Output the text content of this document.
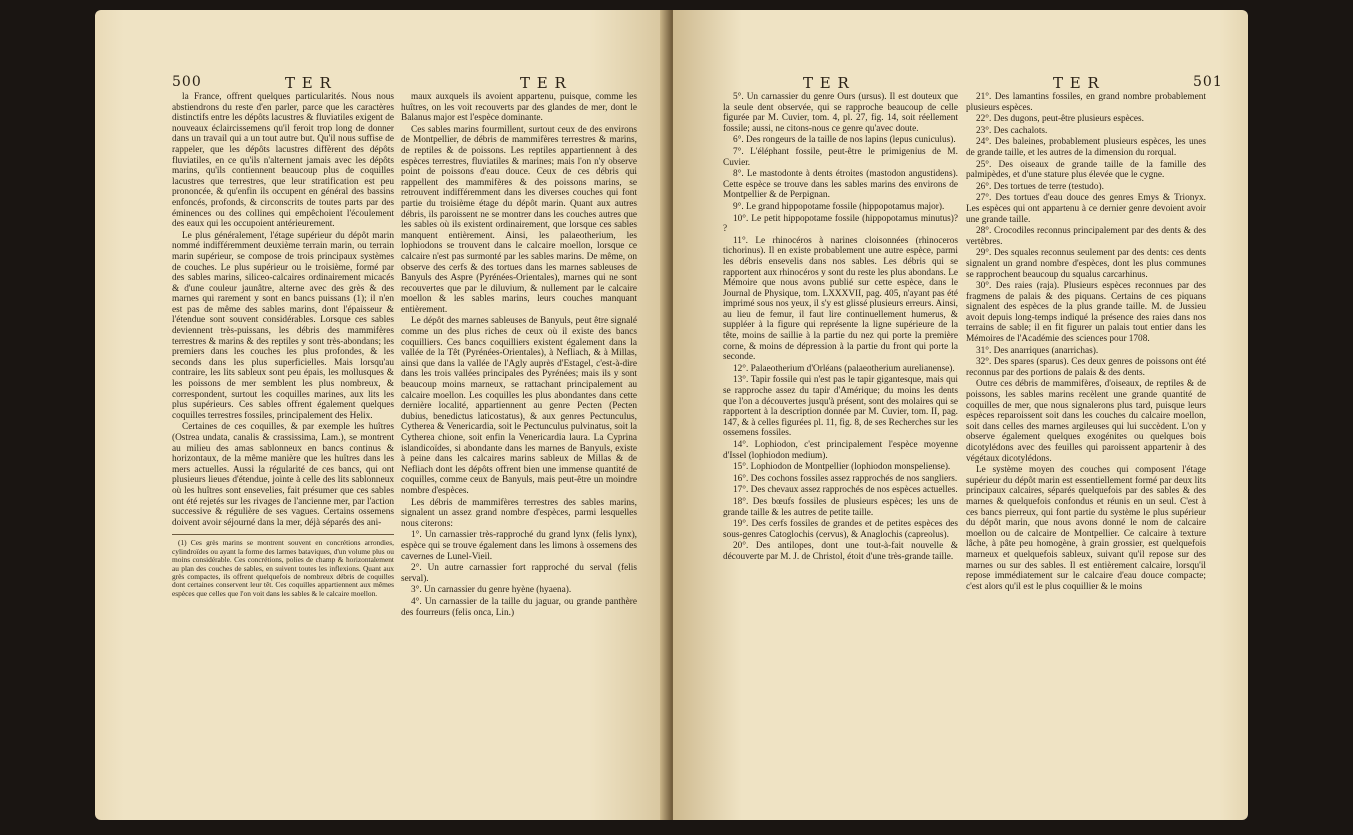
500	T E R	T E R

la France, offrent quelques particularités. Nous nous abstiendrons du reste d'en parler, parce que les caractères distinctifs entre les dépôts lacustres & fluviatiles exigent de nouveaux éclaircissemens qu'il feroit trop long de donner dans un travail qui a un tout autre but. Qu'il nous suffise de rappeler, que les dépôts lacustres diffèrent des dépôts fluviatiles, en ce qu'ils n'alternent jamais avec les dépôts marins, qu'ils contiennent beaucoup plus de coquilles lacustres que terrestres, que leur stratification est peu prononcée, & qu'enfin ils occupent en général des bassins enfoncés, profonds, & circonscrits de toutes parts par des éminences ou des collines qui empêchoient l'écoulement des eaux qui les occupoient antérieurement.

Le plus généralement, l'étage supérieur du dépôt marin nommé indifféremment deuxième terrain marin, ou terrain marin supérieur, se compose de trois principaux systèmes de couches. Le plus supérieur ou le troisième, formé par des sables marins, siliceo-calcaires ordinairement micacés & d'une couleur jaunâtre, alterne avec des grès & des marnes qui rarement y sont en bancs puissans (1); il n'en est pas de même des sables marins, dont l'épaisseur & l'étendue sont souvent considérables. Lorsque ces sables deviennent très-puissans, les débris des mammifères terrestres & marins & des reptiles y sont très-abondans; les premiers dans les couches les plus profondes, & les seconds dans les plus superficielles. Mais lorsqu'au contraire, les lits sableux sont peu épais, les mollusques & les poissons de mer semblent les plus nombreux, & correspondent, surtout les coquilles marines, aux lits les plus supérieurs. Ces sables offrent également quelques coquilles terrestres fossiles, principalement des Helix.

Certaines de ces coquilles, & par exemple les huîtres (Ostrea undata, canalis & crassissima, Lam.), se montrent au milieu des amas sablonneux en bancs continus & horizontaux, de la même manière que les huîtres dans les mers actuelles. Aussi la régularité de ces bancs, qui ont plusieurs lieues d'étendue, jointe à celle des lits sablonneux où les huîtres sont ensevelies, fait présumer que ces sables ont été rejetés sur les rivages de l'ancienne mer, par l'action successive & régulière de ses vagues. Certains ossemens doivent avoir séjourné dans la mer, déjà séparés des ani-

(1) Ces grès marins se montrent souvent en concrétions arrondies, cylindroïdes ou ayant la forme des larmes bataviques, d'un volume plus ou moins considérable. Ces concrétions, polies de champ & horizontalement au plan des couches de sables, en suivent toutes les inflexions. Quant aux grès compactes, ils offrent quelquefois de nombreux débris de coquilles dont certaines conservent leur têt. Ces coquilles appartiennent aux mêmes espèces que celles que l'on voit dans les sables & le calcaire moellon.

maux auxquels ils avoient appartenu, puisque, comme les huîtres, on les voit recouverts par des glandes de mer, dont le Balanus major est l'espèce dominante.

Ces sables marins fourmillent, surtout ceux de des environs de Montpellier, de débris de mammifères terrestres & marins, de reptiles & de poissons. Les reptiles appartiennent à des espèces terrestres, fluviatiles & marines; mais l'on n'y observe point de poissons d'eau douce. Ceux de ces débris qui rappellent des mammifères & des poissons marins, se retrouvent indifféremment dans les diverses couches qui font partie du troisième étage du dépôt marin. Quant aux autres débris, ils paroissent ne se montrer dans les couches autres que les sables où ils existent ordinairement, que lorsque ces sables manquent entièrement. Ainsi, les palaeotherium, les lophiodons se trouvent dans le calcaire moellon, lorsque ce calcaire n'est pas surmonté par les sables marins. De même, on observe des cerfs & des tortues dans les marnes sableuses de Banyuls des Aspre (Pyrénées-Orientales), marnes qui ne sont recouvertes que par le diluvium, & nullement par le calcaire moellon & les sables marins, leurs couches manquant entièrement.

Le dépôt des marnes sableuses de Banyuls, peut être signalé comme un des plus riches de ceux où il existe des bancs coquilliers. Ces bancs coquilliers existent également dans la vallée de la Têt (Pyrénées-Orientales), à Nefliach, & à Millas, ainsi que dans la vallée de l'Agly auprès d'Estagel, c'est-à-dire dans les trois vallées principales des Pyrénées; mais ils y sont beaucoup moins marneux, se rattachant principalement au calcaire moellon. Les coquilles les plus abondantes dans cette dernière localité, appartiennent au genre Pecten (Pecten dubius, benedictus laticostatus), & aux genres Pectunculus, Cytherea & Venericardia, soit le Pectunculus pulvinatus, soit la Cytherea chione, soit enfin la Venericardia laura. La Cyprina islandicoïdes, si abondante dans les marnes de Banyuls, existe à peine dans les calcaires marins sableux de Millas & de Nefliach dont les dépôts offrent bien une immense quantité de coquilles, comme ceux de Banyuls, mais peut-être un moindre nombre d'espèces.

Les débris de mammifères terrestres des sables marins, signalent un assez grand nombre d'espèces, parmi lesquelles nous citerons:

1°. Un carnassier très-rapproché du grand lynx (felis lynx), espèce qui se trouve également dans les limons à ossemens des cavernes de Lunel-Vieil.

2°. Un autre carnassier fort rapproché du serval (felis serval).

3°. Un carnassier du genre hyène (hyaena).

4°. Un carnassier de la taille du jaguar, ou grande panthère des fourreurs (felis onca, Lin.)

T E R	T E R	501

5°. Un carnassier du genre Ours (ursus). Il est douteux que la seule dent observée, qui se rapproche beaucoup de celle figurée par M. Cuvier, tom. 4, pl. 27, fig. 14, soit réellement fossile; aussi, ne citons-nous ce genre qu'avec doute.

6°. Des rongeurs de la taille de nos lapins (lepus cuniculus).

7°. L'éléphant fossile, peut-être le primigenius de M. Cuvier.

8°. Le mastodonte à dents étroites (mastodon angustidens). Cette espèce se trouve dans les sables marins des environs de Montpellier & de Perpignan.

9°. Le grand hippopotame fossile (hippopotamus major).

10°. Le petit hippopotame fossile (hippopotamus minutus)? ?

11°. Le rhinocéros à narines cloisonnées (rhinoceros tichorinus). Il en existe probablement une autre espèce, parmi les débris ensevelis dans nos sables. Les débris qui se rapportent aux rhinocéros y sont du reste les plus abondans. Le Mémoire que nous avons publié sur cette espèce, dans le Journal de Physique, tom. LXXXVII, pag. 405, n'ayant pas été imprimé sous nos yeux, il s'y est glissé plusieurs erreurs. Ainsi, au lieu de femur, il faut lire continuellement humerus, & suppléer à la figure qui représente la ligne supérieure de la tête, moins de saillie à la partie du nez qui porte la première corne, & moins de dépression à la partie du front qui porte la seconde.

12°. Palaeotherium d'Orléans (palaeotherium aurelianense).

13°. Tapir fossile qui n'est pas le tapir gigantesque, mais qui se rapproche assez du tapir d'Amérique; du moins les dents que l'on a découvertes jusqu'à présent, sont des molaires qui se rapportent à la description donnée par M. Cuvier, tom. II, pag. 147, & à celles figurées pl. 11, fig. 8, de ses Recherches sur les ossemens fossiles.

14°. Lophiodon, c'est principalement l'espèce moyenne d'Issel (lophiodon medium).

15°. Lophiodon de Montpellier (lophiodon monspeliense).

16°. Des cochons fossiles assez rapprochés de nos sangliers.

17°. Des chevaux assez rapprochés de nos espèces actuelles.

18°. Des bœufs fossiles de plusieurs espèces; les uns de grande taille & les autres de petite taille.

19°. Des cerfs fossiles de grandes et de petites espèces des sous-genres Catoglochis (cervus), & Anaglochis (capreolus).

20°. Des antilopes, dont une tout-à-fait nouvelle & découverte par M. J. de Christol, étoit d'une très-grande taille.

21°. Des lamantins fossiles, en grand nombre probablement plusieurs espèces.

22°. Des dugons, peut-être plusieurs espèces.

23°. Des cachalots.

24°. Des baleines, probablement plusieurs espèces, les unes de grande taille, et les autres de la dimension du rorqual.

25°. Des oiseaux de grande taille de la famille des palmipèdes, et d'une stature plus élevée que le cygne.

26°. Des tortues de terre (testudo).

27°. Des tortues d'eau douce des genres Emys & Trionyx. Les espèces qui ont appartenu à ce dernier genre devoient avoir une grande taille.

28°. Crocodiles reconnus principalement par des dents & des vertèbres.

29°. Des squales reconnus seulement par des dents: ces dents signalent un grand nombre d'espèces, dont les plus communes se rapprochent beaucoup du squalus carcarhinus.

30°. Des raies (raja). Plusieurs espèces reconnues par des fragmens de palais & des piquans. Certains de ces piquans signalent des espèces de la plus grande taille. M. de Jussieu avoit depuis long-temps indiqué la présence des raies dans nos terrains de sable; il en fit figurer un palais tout entier dans les Mémoires de l'Académie des sciences pour 1708.

31°. Des anarriques (anarrichas).

32°. Des spares (sparus). Ces deux genres de poissons ont été reconnus par des portions de palais & des dents.

Outre ces débris de mammifères, d'oiseaux, de reptiles & de poissons, les sables marins recèlent une grande quantité de coquilles de mer, que nous signalerons plus tard, puisque leurs espèces reparoissent soit dans les couches du calcaire moellon, soit dans celles des marnes argileuses qui lui succèdent. L'on y observe également quelques exogénites ou quelques bois dicotylédons avec des feuilles qui paroissent appartenir à des végétaux dicotylédons.

Le système moyen des couches qui composent l'étage supérieur du dépôt marin est essentiellement formé par deux lits principaux calcaires, séparés quelquefois par des sables & des marnes & quelquefois confondus et réunis en un seul. C'est à ces bancs pierreux, qui font partie du système le plus supérieur du dépôt marin, que nous avons donné le nom de calcaire moellon ou de calcaire de Montpellier. Ce calcaire à texture lâche, à pâte peu homogène, à grain grossier, est quelquefois marneux et quelquefois sableux, suivant qu'il repose sur des marnes ou sur des sables. Il est entièrement calcaire, lorsqu'il repose immédiatement sur le calcaire d'eau douce compacte; c'est alors qu'il est le plus coquillier & le moins
